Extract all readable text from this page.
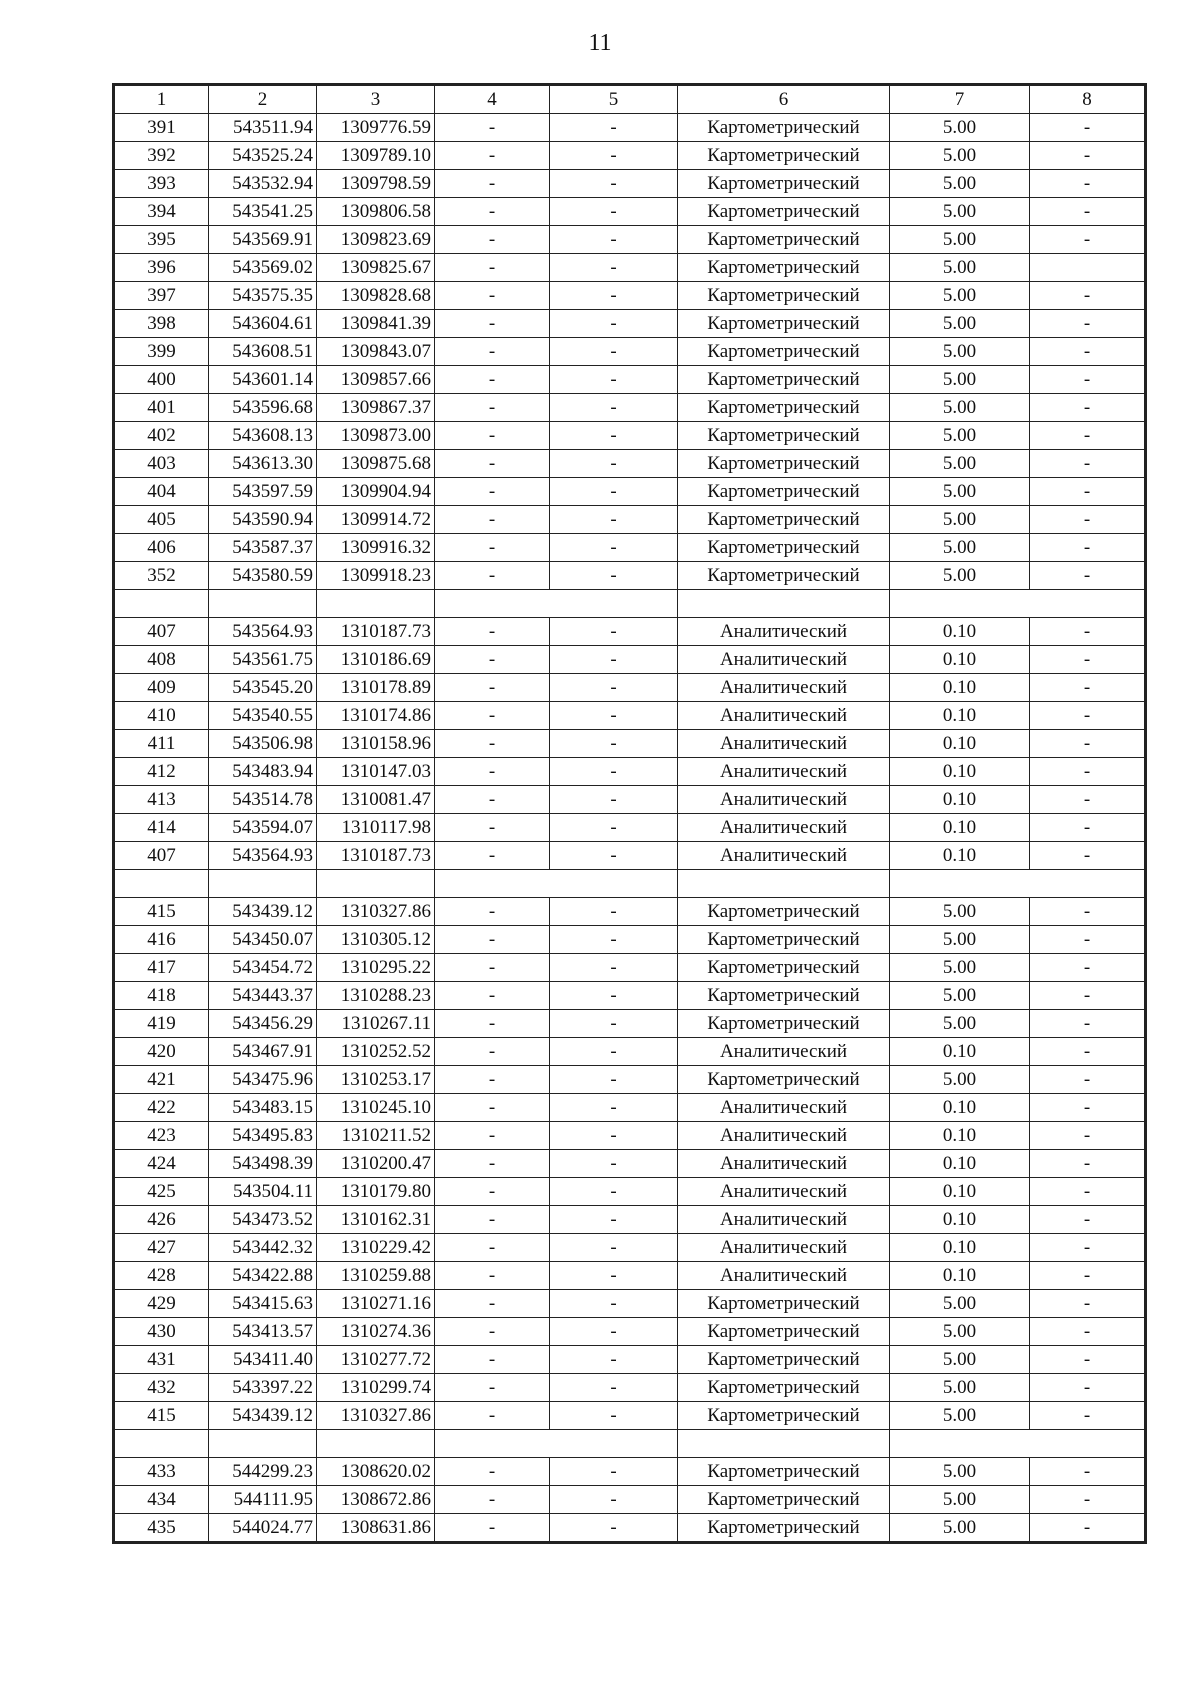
11
1	2	3	4	5	6	7	8
391	543511.94	1309776.59	-	-	Картометрический	5.00	-
392	543525.24	1309789.10	-	-	Картометрический	5.00	-
393	543532.94	1309798.59	-	-	Картометрический	5.00	-
394	543541.25	1309806.58	-	-	Картометрический	5.00	-
395	543569.91	1309823.69	-	-	Картометрический	5.00	-
396	543569.02	1309825.67	-	-	Картометрический	5.00	
397	543575.35	1309828.68	-	-	Картометрический	5.00	-
398	543604.61	1309841.39	-	-	Картометрический	5.00	-
399	543608.51	1309843.07	-	-	Картометрический	5.00	-
400	543601.14	1309857.66	-	-	Картометрический	5.00	-
401	543596.68	1309867.37	-	-	Картометрический	5.00	-
402	543608.13	1309873.00	-	-	Картометрический	5.00	-
403	543613.30	1309875.68	-	-	Картометрический	5.00	-
404	543597.59	1309904.94	-	-	Картометрический	5.00	-
405	543590.94	1309914.72	-	-	Картометрический	5.00	-
406	543587.37	1309916.32	-	-	Картометрический	5.00	-
352	543580.59	1309918.23	-	-	Картометрический	5.00	-

407	543564.93	1310187.73	-	-	Аналитический	0.10	-
408	543561.75	1310186.69	-	-	Аналитический	0.10	-
409	543545.20	1310178.89	-	-	Аналитический	0.10	-
410	543540.55	1310174.86	-	-	Аналитический	0.10	-
411	543506.98	1310158.96	-	-	Аналитический	0.10	-
412	543483.94	1310147.03	-	-	Аналитический	0.10	-
413	543514.78	1310081.47	-	-	Аналитический	0.10	-
414	543594.07	1310117.98	-	-	Аналитический	0.10	-
407	543564.93	1310187.73	-	-	Аналитический	0.10	-

415	543439.12	1310327.86	-	-	Картометрический	5.00	-
416	543450.07	1310305.12	-	-	Картометрический	5.00	-
417	543454.72	1310295.22	-	-	Картометрический	5.00	-
418	543443.37	1310288.23	-	-	Картометрический	5.00	-
419	543456.29	1310267.11	-	-	Картометрический	5.00	-
420	543467.91	1310252.52	-	-	Аналитический	0.10	-
421	543475.96	1310253.17	-	-	Картометрический	5.00	-
422	543483.15	1310245.10	-	-	Аналитический	0.10	-
423	543495.83	1310211.52	-	-	Аналитический	0.10	-
424	543498.39	1310200.47	-	-	Аналитический	0.10	-
425	543504.11	1310179.80	-	-	Аналитический	0.10	-
426	543473.52	1310162.31	-	-	Аналитический	0.10	-
427	543442.32	1310229.42	-	-	Аналитический	0.10	-
428	543422.88	1310259.88	-	-	Аналитический	0.10	-
429	543415.63	1310271.16	-	-	Картометрический	5.00	-
430	543413.57	1310274.36	-	-	Картометрический	5.00	-
431	543411.40	1310277.72	-	-	Картометрический	5.00	-
432	543397.22	1310299.74	-	-	Картометрический	5.00	-
415	543439.12	1310327.86	-	-	Картометрический	5.00	-

433	544299.23	1308620.02	-	-	Картометрический	5.00	-
434	544111.95	1308672.86	-	-	Картометрический	5.00	-
435	544024.77	1308631.86	-	-	Картометрический	5.00	-
